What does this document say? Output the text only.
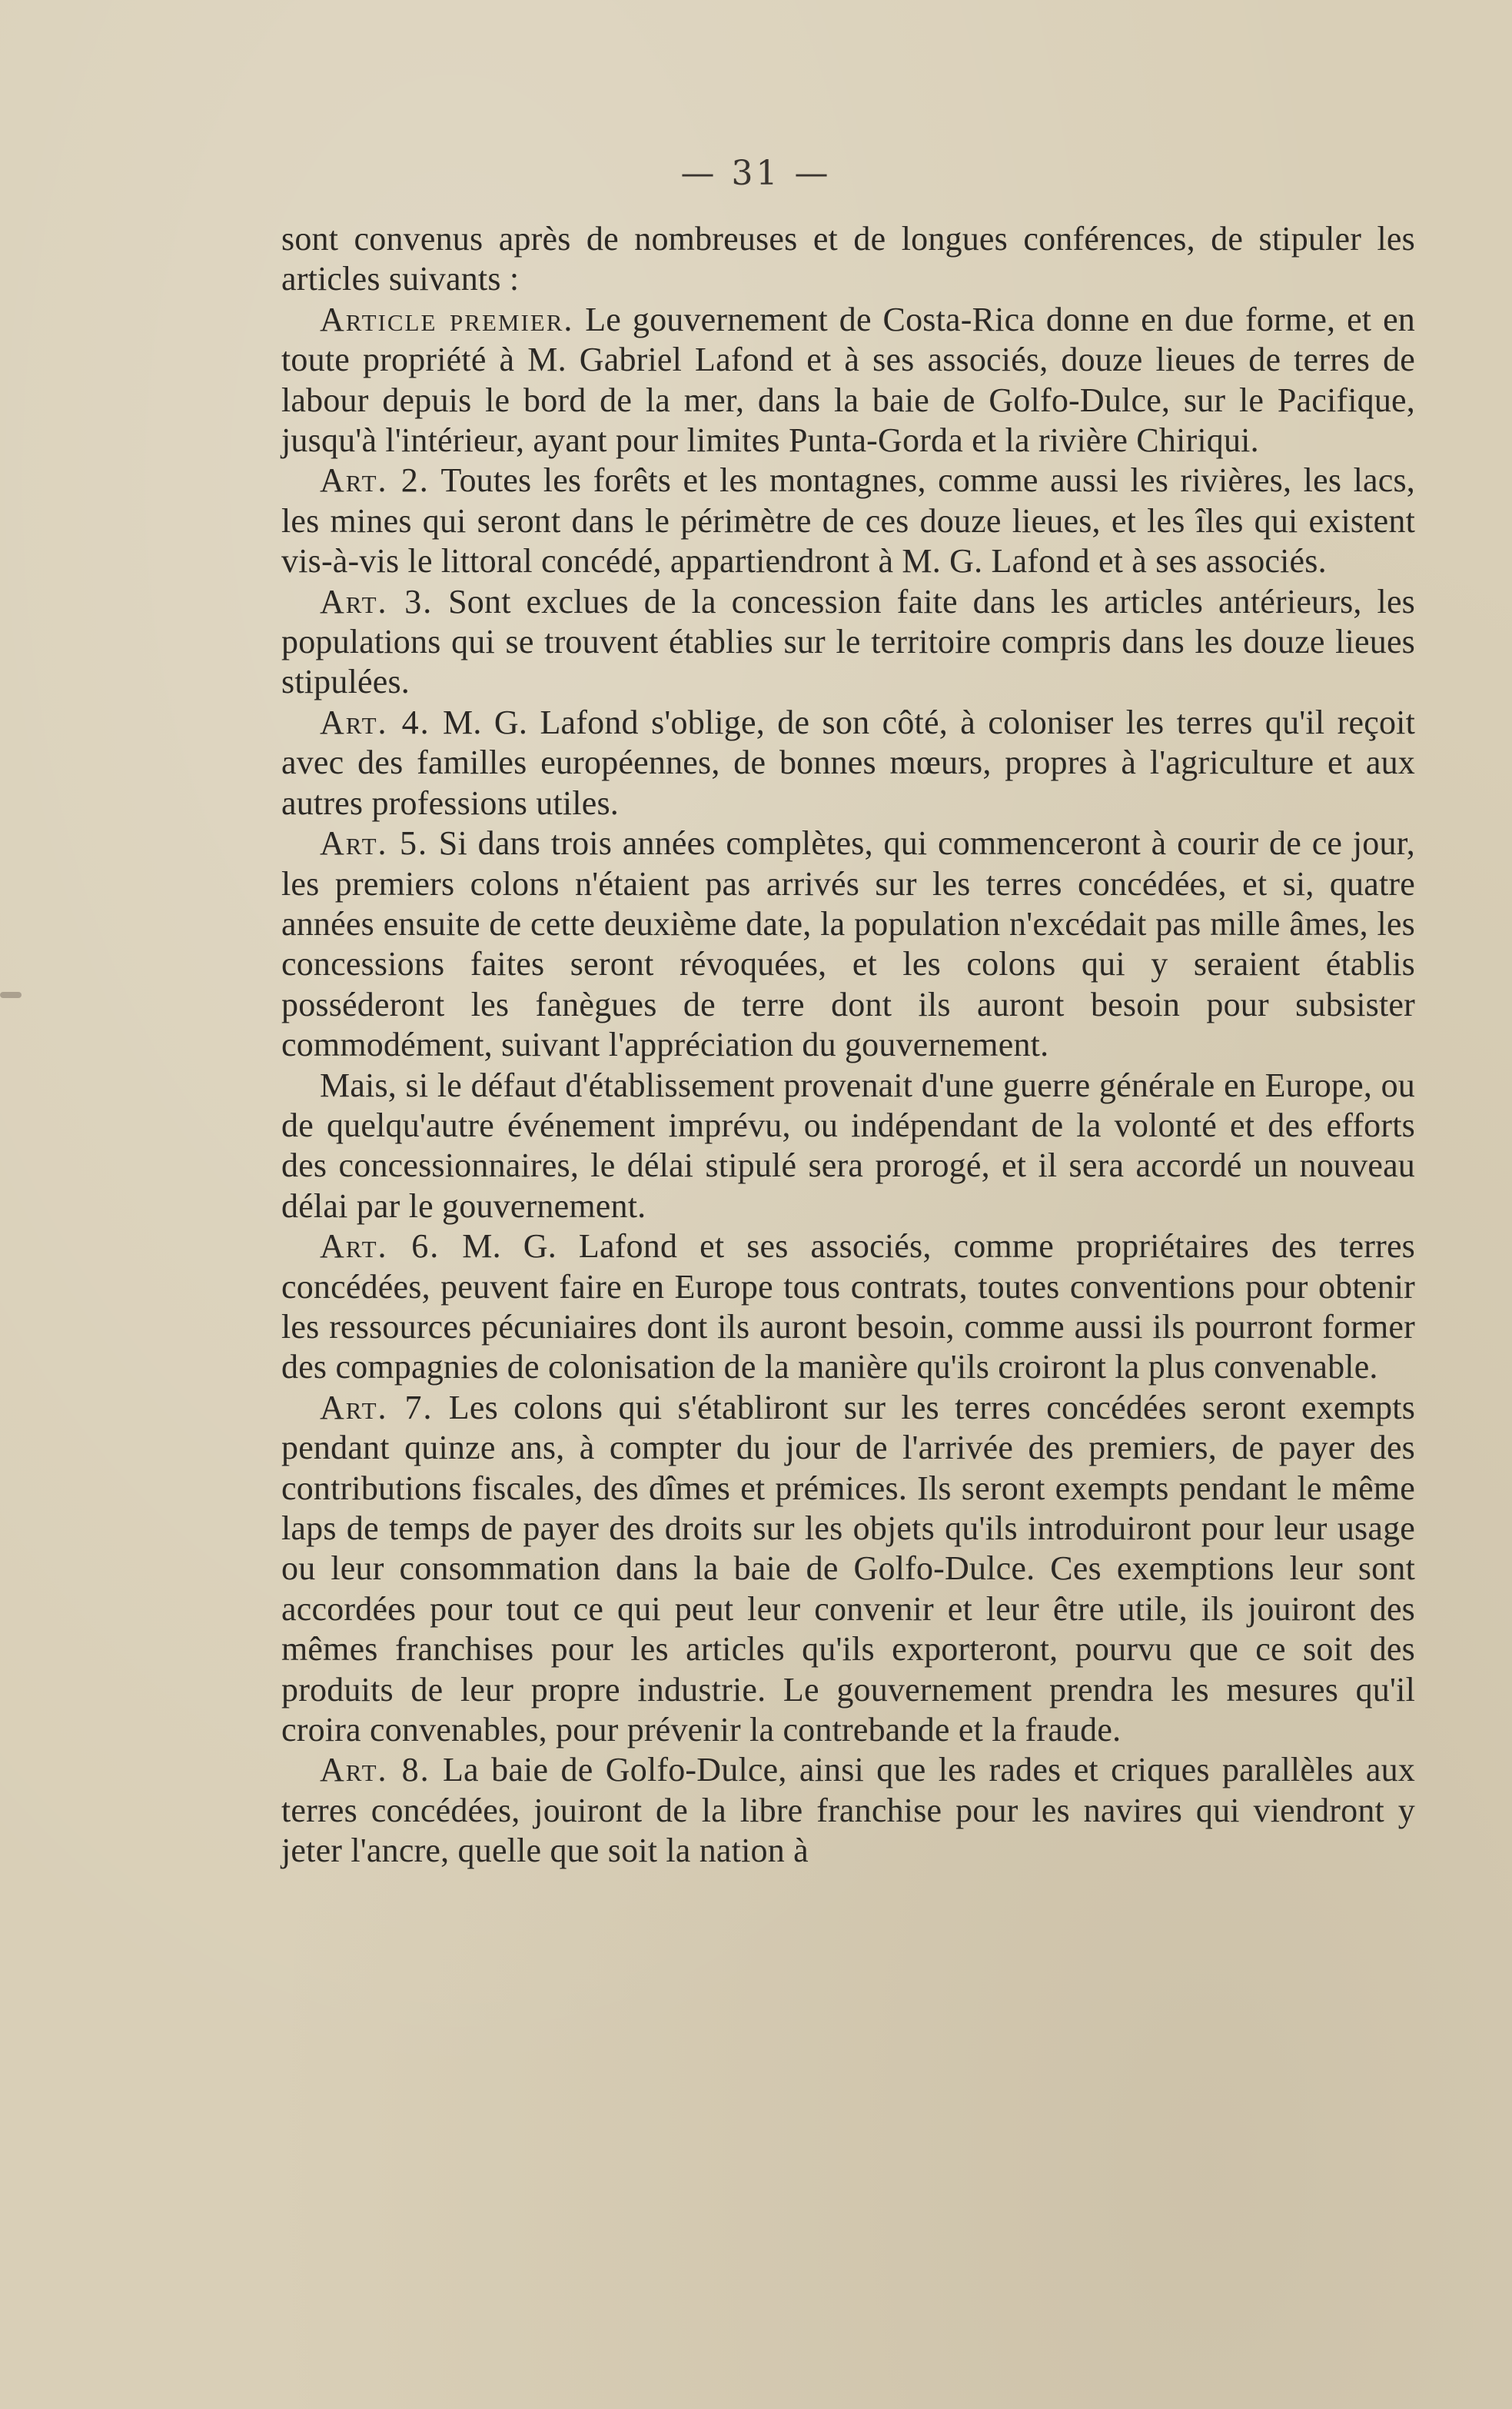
— 31 —

sont convenus après de nombreuses et de longues conférences, de stipuler les articles suivants :

Article premier. Le gouvernement de Costa-Rica donne en due forme, et en toute propriété à M. Gabriel Lafond et à ses associés, douze lieues de terres de labour depuis le bord de la mer, dans la baie de Golfo-Dulce, sur le Pacifique, jusqu'à l'intérieur, ayant pour limites Punta-Gorda et la rivière Chiriqui.

Art. 2. Toutes les forêts et les montagnes, comme aussi les rivières, les lacs, les mines qui seront dans le périmètre de ces douze lieues, et les îles qui existent vis-à-vis le littoral concédé, appartiendront à M. G. Lafond et à ses associés.

Art. 3. Sont exclues de la concession faite dans les articles antérieurs, les populations qui se trouvent établies sur le territoire compris dans les douze lieues stipulées.

Art. 4. M. G. Lafond s'oblige, de son côté, à coloniser les terres qu'il reçoit avec des familles européennes, de bonnes mœurs, propres à l'agriculture et aux autres professions utiles.

Art. 5. Si dans trois années complètes, qui commenceront à courir de ce jour, les premiers colons n'étaient pas arrivés sur les terres concédées, et si, quatre années ensuite de cette deuxième date, la population n'excédait pas mille âmes, les concessions faites seront révoquées, et les colons qui y seraient établis posséderont les fanègues de terre dont ils auront besoin pour subsister commodément, suivant l'appréciation du gouvernement.

Mais, si le défaut d'établissement provenait d'une guerre générale en Europe, ou de quelqu'autre événement imprévu, ou indépendant de la volonté et des efforts des concessionnaires, le délai stipulé sera prorogé, et il sera accordé un nouveau délai par le gouvernement.

Art. 6. M. G. Lafond et ses associés, comme propriétaires des terres concédées, peuvent faire en Europe tous contrats, toutes conventions pour obtenir les ressources pécuniaires dont ils auront besoin, comme aussi ils pourront former des compagnies de colonisation de la manière qu'ils croiront la plus convenable.

Art. 7. Les colons qui s'établiront sur les terres concédées seront exempts pendant quinze ans, à compter du jour de l'arrivée des premiers, de payer des contributions fiscales, des dîmes et prémices. Ils seront exempts pendant le même laps de temps de payer des droits sur les objets qu'ils introduiront pour leur usage ou leur consommation dans la baie de Golfo-Dulce. Ces exemptions leur sont accordées pour tout ce qui peut leur convenir et leur être utile, ils jouiront des mêmes franchises pour les articles qu'ils exporteront, pourvu que ce soit des produits de leur propre industrie. Le gouvernement prendra les mesures qu'il croira convenables, pour prévenir la contrebande et la fraude.

Art. 8. La baie de Golfo-Dulce, ainsi que les rades et criques parallèles aux terres concédées, jouiront de la libre franchise pour les navires qui viendront y jeter l'ancre, quelle que soit la nation à
